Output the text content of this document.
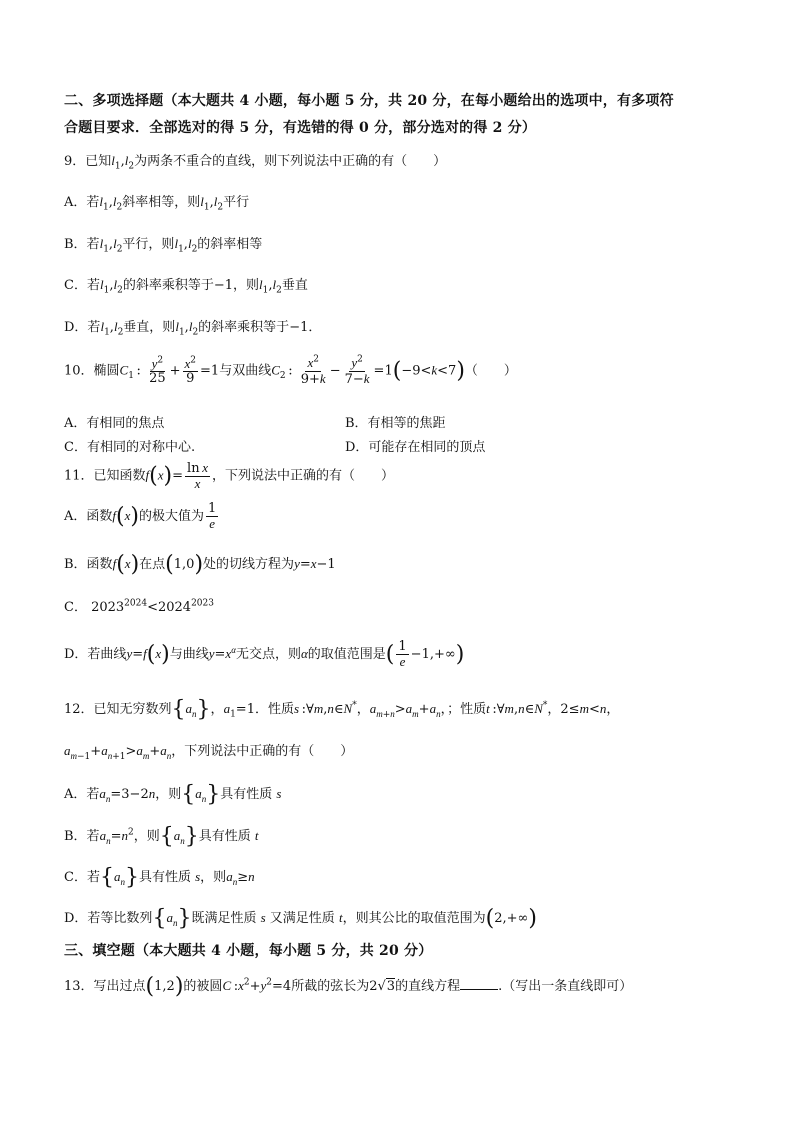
二、多项选择题（本大题共 4 小题，每小题 5 分，共 20 分，在每小题给出的选项中，有多项符
合题目要求．全部选对的得 5 分，有选错的得 0 分，部分选对的得 2 分）
9．已知$l_1,l_2$为两条不重合的直线，则下列说法中正确的有（　　）
A．若$l_1,l_2$斜率相等，则$l_1,l_2$平行
B．若$l_1,l_2$平行，则$l_1,l_2$的斜率相等
C．若$l_1,l_2$的斜率乘积等于−1，则$l_1,l_2$垂直
D．若$l_1,l_2$垂直，则$l_1,l_2$的斜率乘积等于−1．
10．椭圆$C_1$ : $\frac{y^2}{25} + \frac{x^2}{9} =1$与双曲线$C_2$ : $\frac{x^2}{9+k} - \frac{y^2}{7-k} =1(-9<k<7)$（　　）
A．有相同的焦点	B．有相等的焦距
C．有相同的对称中心.	D．可能存在相同的顶点
11．已知函数$f(x)= \frac{\text{ln x}}{x}$ ，下列说法中正确的有（　　）
A．函数f(x)的极大值为 $\frac{1}{e}$
B．函数f(x)在点(1,0)处的切线方程为y=x−1
C． $2023^{2024}<2024^{2023}$
D．若曲线y=f(x)与曲线$y=x^\alpha$无交点，则α的取值范围是( $\frac{1}{e} -1,+\infty$)
12．已知无穷数列$\{a_n\}$，$a_1=1$．性质s :∀m,n∈N*，$a_{m+n}>a_m+a_n$，；性质t :∀m,n∈N*，2≤m<n，
$a_{m-1}+a_{n+1}>a_m+a_n$，下列说法中正确的有（　　）
A．若$a_n=3-2n$，则$\{a_n\}$具有性质 s
B．若$a_n=n^2$，则$\{a_n\}$具有性质 t
C．若$\{a_n\}$具有性质 s，则$a_n\ge n$
D．若等比数列$\{a_n\}$既满足性质 s 又满足性质 t，则其公比的取值范围为(2,+∞)
三、填空题（本大题共 4 小题，每小题 5 分，共 20 分）
13．写出过点(1,2)的被圆C $:x^2+y^2=4$所截的弦长为2√3的直线方程	.（写出一条直线即可）
